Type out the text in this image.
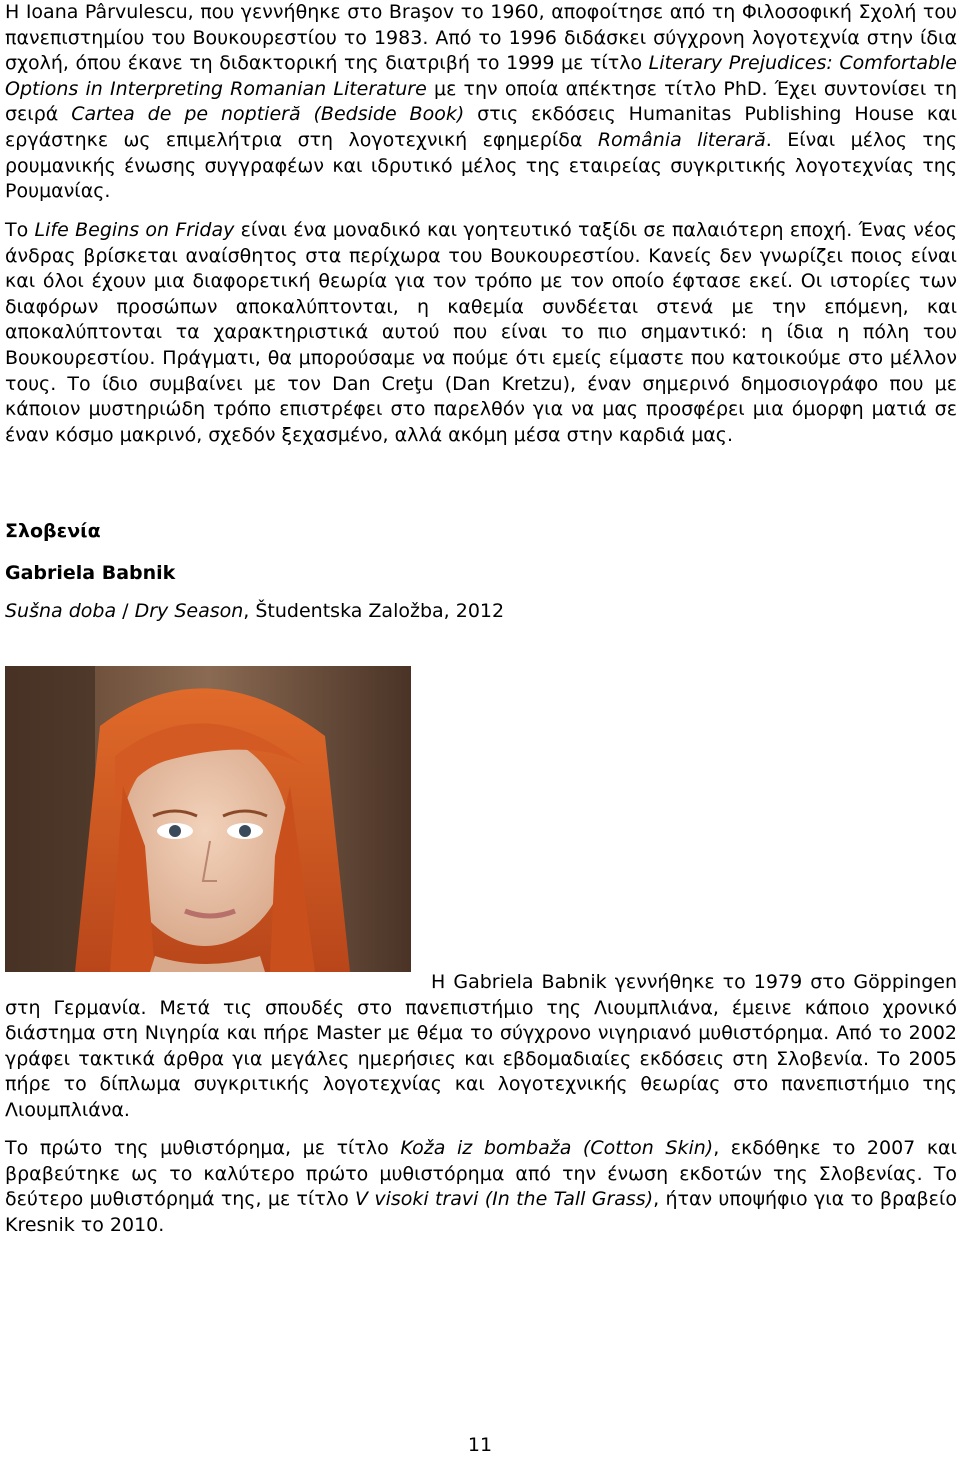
Η Ioana Pârvulescu, που γεννήθηκε στο Braşov το 1960, αποφοίτησε από τη Φιλοσοφική Σχολή του πανεπιστημίου του Βουκουρεστίου το 1983. Από το 1996 διδάσκει σύγχρονη λογοτεχνία στην ίδια σχολή, όπου έκανε τη διδακτορική της διατριβή το 1999 με τίτλο Literary Prejudices: Comfortable Options in Interpreting Romanian Literature με την οποία απέκτησε τίτλο PhD. Έχει συντονίσει τη σειρά Cartea de pe noptieră (Bedside Book) στις εκδόσεις Humanitas Publishing House και εργάστηκε ως επιμελήτρια στη λογοτεχνική εφημερίδα România literară. Είναι μέλος της ρουμανικής ένωσης συγγραφέων και ιδρυτικό μέλος της εταιρείας συγκριτικής λογοτεχνίας της Ρουμανίας.

Το Life Begins on Friday είναι ένα μοναδικό και γοητευτικό ταξίδι σε παλαιότερη εποχή. Ένας νέος άνδρας βρίσκεται αναίσθητος στα περίχωρα του Βουκουρεστίου. Κανείς δεν γνωρίζει ποιος είναι και όλοι έχουν μια διαφορετική θεωρία για τον τρόπο με τον οποίο έφτασε εκεί. Οι ιστορίες των διαφόρων προσώπων αποκαλύπτονται, η καθεμία συνδέεται στενά με την επόμενη, και αποκαλύπτονται τα χαρακτηριστικά αυτού που είναι το πιο σημαντικό: η ίδια η πόλη του Βουκουρεστίου. Πράγματι, θα μπορούσαμε να πούμε ότι εμείς είμαστε που κατοικούμε στο μέλλον τους. Το ίδιο συμβαίνει με τον Dan Creţu (Dan Kretzu), έναν σημερινό δημοσιογράφο που με κάποιον μυστηριώδη τρόπο επιστρέφει στο παρελθόν για να μας προσφέρει μια όμορφη ματιά σε έναν κόσμο μακρινό, σχεδόν ξεχασμένο, αλλά ακόμη μέσα στην καρδιά μας.

Σλοβενία

Gabriela Babnik

Sušna doba / Dry Season, Študentska Založba, 2012

Η Gabriela Babnik γεννήθηκε το 1979 στο Göppingen στη Γερμανία. Μετά τις σπουδές στο πανεπιστήμιο της Λιουμπλιάνα, έμεινε κάποιο χρονικό διάστημα στη Νιγηρία και πήρε Master με θέμα το σύγχρονο νιγηριανό μυθιστόρημα. Από το 2002 γράφει τακτικά άρθρα για μεγάλες ημερήσιες και εβδομαδιαίες εκδόσεις στη Σλοβενία. Το 2005 πήρε το δίπλωμα συγκριτικής λογοτεχνίας και λογοτεχνικής θεωρίας στο πανεπιστήμιο της Λιουμπλιάνα.

Το πρώτο της μυθιστόρημα, με τίτλο Koža iz bombaža (Cotton Skin), εκδόθηκε το 2007 και βραβεύτηκε ως το καλύτερο πρώτο μυθιστόρημα από την ένωση εκδοτών της Σλοβενίας. Το δεύτερο μυθιστόρημά της, με τίτλο V visoki travi (In the Tall Grass), ήταν υποψήφιο για το βραβείο Kresnik το 2010.

11
